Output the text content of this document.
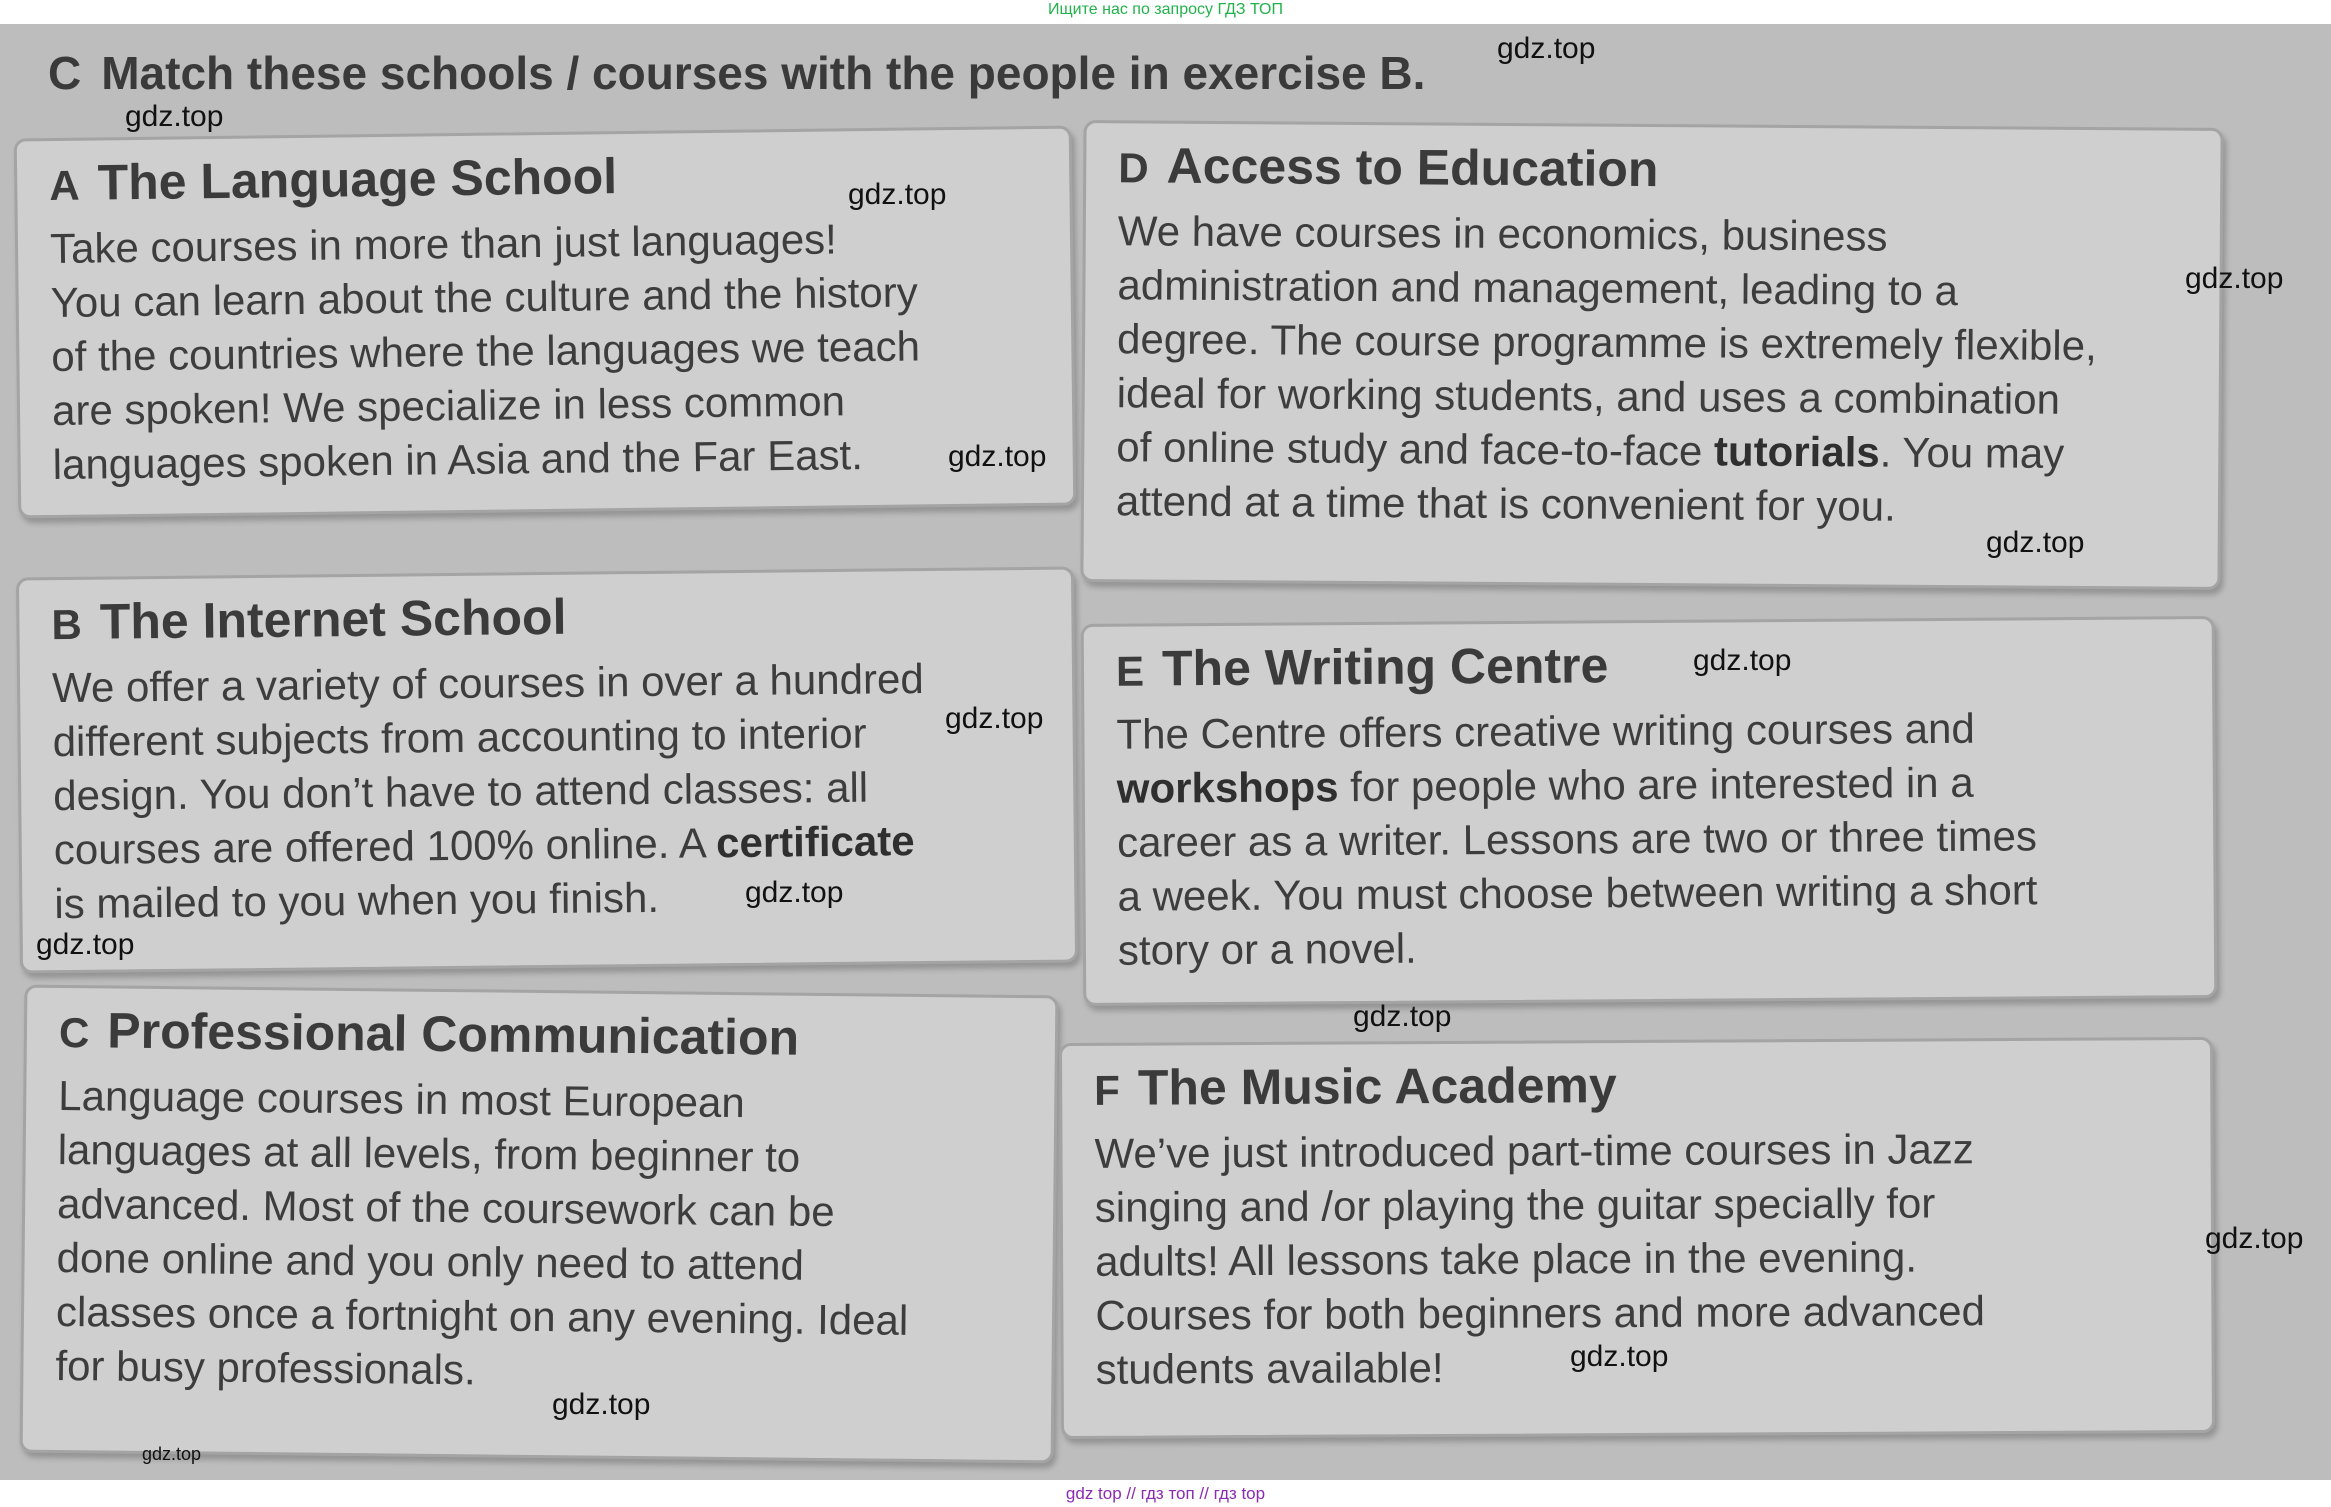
Ищите нас по запросу ГДЗ ТОП
C Match these schools / courses with the people in exercise B.
A The Language School

Take courses in more than just languages!

You can learn about the culture and the history

of the countries where the languages we teach

are spoken! We specialize in less common

languages spoken in Asia and the Far East.

B The Internet School

We offer a variety of courses in over a hundred

different subjects from accounting to interior

design. You don’t have to attend classes: all

courses are offered 100% online. A certificate

is mailed to you when you finish.

C Professional Communication

Language courses in most European

languages at all levels, from beginner to

advanced. Most of the coursework can be

done online and you only need to attend

classes once a fortnight on any evening. Ideal

for busy professionals.

D Access to Education

We have courses in economics, business

administration and management, leading to a

degree. The course programme is extremely flexible,

ideal for working students, and uses a combination

of online study and face-to-face tutorials. You may

attend at a time that is convenient for you.

E The Writing Centre

The Centre offers creative writing courses and

workshops for people who are interested in a

career as a writer. Lessons are two or three times

a week. You must choose between writing a short

story or a novel.

F The Music Academy

We’ve just introduced part-time courses in Jazz

singing and /or playing the guitar specially for

adults! All lessons take place in the evening.

Courses for both beginners and more advanced

students available!

gdz.top
gdz.top
gdz.top
gdz.top
gdz.top
gdz.top
gdz.top
gdz.top
gdz.top
gdz.top
gdz.top
gdz.top
gdz.top
gdz.top
gdz.top
gdz top // гдз топ // гдз top
